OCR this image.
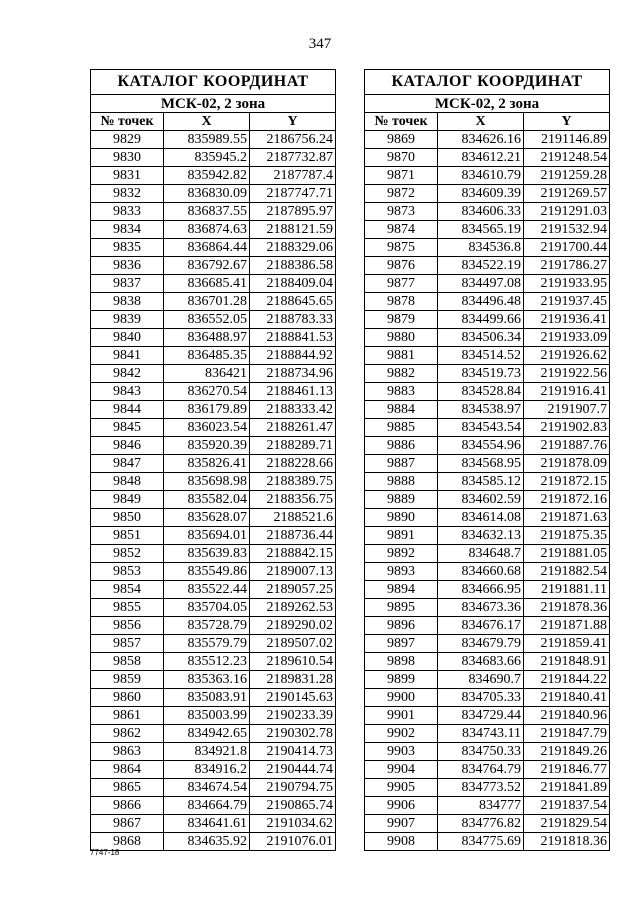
347
КАТАЛОГ КООРДИНАТ		
МСК-02, 2 зона		
№ точек	X	Y
9829	835989.55	2186756.24
9830	835945.2	2187732.87
9831	835942.82	2187787.4
9832	836830.09	2187747.71
9833	836837.55	2187895.97
9834	836874.63	2188121.59
9835	836864.44	2188329.06
9836	836792.67	2188386.58
9837	836685.41	2188409.04
9838	836701.28	2188645.65
9839	836552.05	2188783.33
9840	836488.97	2188841.53
9841	836485.35	2188844.92
9842	836421	2188734.96
9843	836270.54	2188461.13
9844	836179.89	2188333.42
9845	836023.54	2188261.47
9846	835920.39	2188289.71
9847	835826.41	2188228.66
9848	835698.98	2188389.75
9849	835582.04	2188356.75
9850	835628.07	2188521.6
9851	835694.01	2188736.44
9852	835639.83	2188842.15
9853	835549.86	2189007.13
9854	835522.44	2189057.25
9855	835704.05	2189262.53
9856	835728.79	2189290.02
9857	835579.79	2189507.02
9858	835512.23	2189610.54
9859	835363.16	2189831.28
9860	835083.91	2190145.63
9861	835003.99	2190233.39
9862	834942.65	2190302.78
9863	834921.8	2190414.73
9864	834916.2	2190444.74
9865	834674.54	2190794.75
9866	834664.79	2190865.74
9867	834641.61	2191034.62
9868	834635.92	2191076.01
КАТАЛОГ КООРДИНАТ		
МСК-02, 2 зона		
№ точек	X	Y
9869	834626.16	2191146.89
9870	834612.21	2191248.54
9871	834610.79	2191259.28
9872	834609.39	2191269.57
9873	834606.33	2191291.03
9874	834565.19	2191532.94
9875	834536.8	2191700.44
9876	834522.19	2191786.27
9877	834497.08	2191933.95
9878	834496.48	2191937.45
9879	834499.66	2191936.41
9880	834506.34	2191933.09
9881	834514.52	2191926.62
9882	834519.73	2191922.56
9883	834528.84	2191916.41
9884	834538.97	2191907.7
9885	834543.54	2191902.83
9886	834554.96	2191887.76
9887	834568.95	2191878.09
9888	834585.12	2191872.15
9889	834602.59	2191872.16
9890	834614.08	2191871.63
9891	834632.13	2191875.35
9892	834648.7	2191881.05
9893	834660.68	2191882.54
9894	834666.95	2191881.11
9895	834673.36	2191878.36
9896	834676.17	2191871.88
9897	834679.79	2191859.41
9898	834683.66	2191848.91
9899	834690.7	2191844.22
9900	834705.33	2191840.41
9901	834729.44	2191840.96
9902	834743.11	2191847.79
9903	834750.33	2191849.26
9904	834764.79	2191846.77
9905	834773.52	2191841.89
9906	834777	2191837.54
9907	834776.82	2191829.54
9908	834775.69	2191818.36
7747-18
